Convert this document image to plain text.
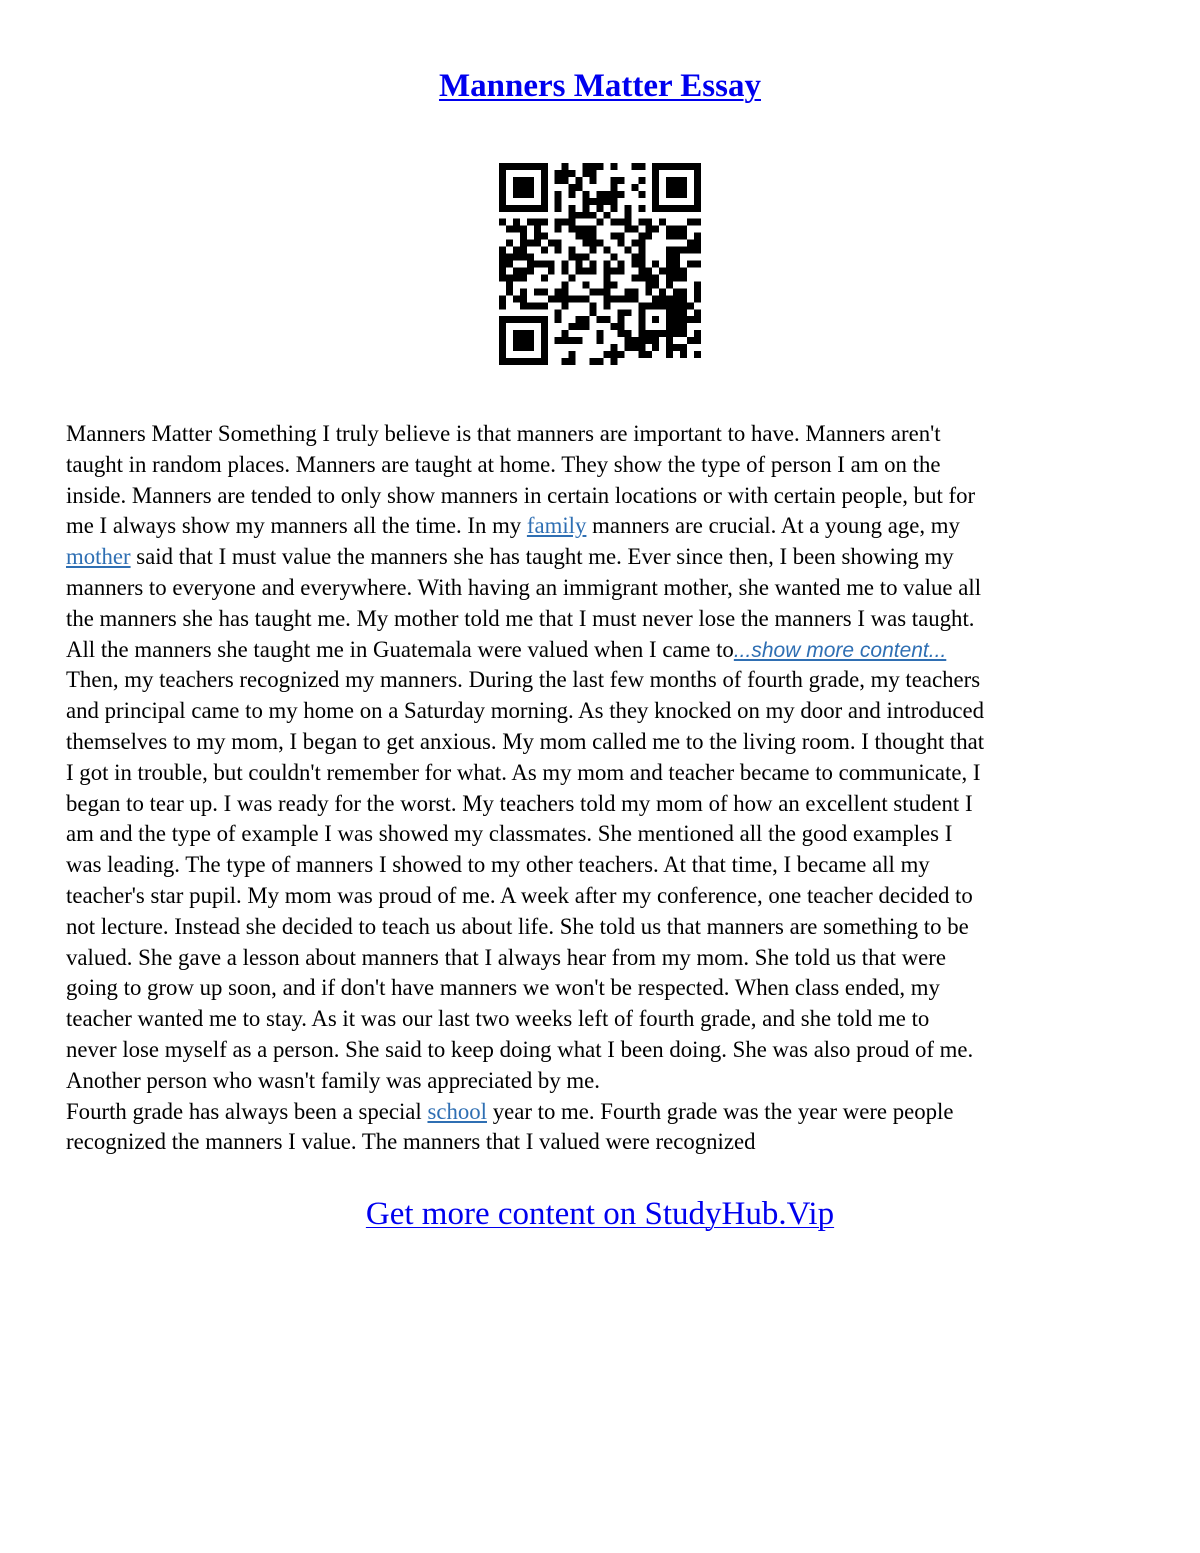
Manners Matter Essay
Manners Matter Something I truly believe is that manners are important to have. Manners aren't
taught in random places. Manners are taught at home. They show the type of person I am on the
inside. Manners are tended to only show manners in certain locations or with certain people, but for
me I always show my manners all the time. In my family manners are crucial. At a young age, my
mother said that I must value the manners she has taught me. Ever since then, I been showing my
manners to everyone and everywhere. With having an immigrant mother, she wanted me to value all
the manners she has taught me. My mother told me that I must never lose the manners I was taught.
All the manners she taught me in Guatemala were valued when I came to...show more content...
Then, my teachers recognized my manners. During the last few months of fourth grade, my teachers
and principal came to my home on a Saturday morning. As they knocked on my door and introduced
themselves to my mom, I began to get anxious. My mom called me to the living room. I thought that
I got in trouble, but couldn't remember for what. As my mom and teacher became to communicate, I
began to tear up. I was ready for the worst. My teachers told my mom of how an excellent student I
am and the type of example I was showed my classmates. She mentioned all the good examples I
was leading. The type of manners I showed to my other teachers. At that time, I became all my
teacher's star pupil. My mom was proud of me. A week after my conference, one teacher decided to
not lecture. Instead she decided to teach us about life. She told us that manners are something to be
valued. She gave a lesson about manners that I always hear from my mom. She told us that were
going to grow up soon, and if don't have manners we won't be respected. When class ended, my
teacher wanted me to stay. As it was our last two weeks left of fourth grade, and she told me to
never lose myself as a person. She said to keep doing what I been doing. She was also proud of me.
Another person who wasn't family was appreciated by me.
Fourth grade has always been a special school year to me. Fourth grade was the year were people
recognized the manners I value. The manners that I valued were recognized
Get more content on StudyHub.Vip
